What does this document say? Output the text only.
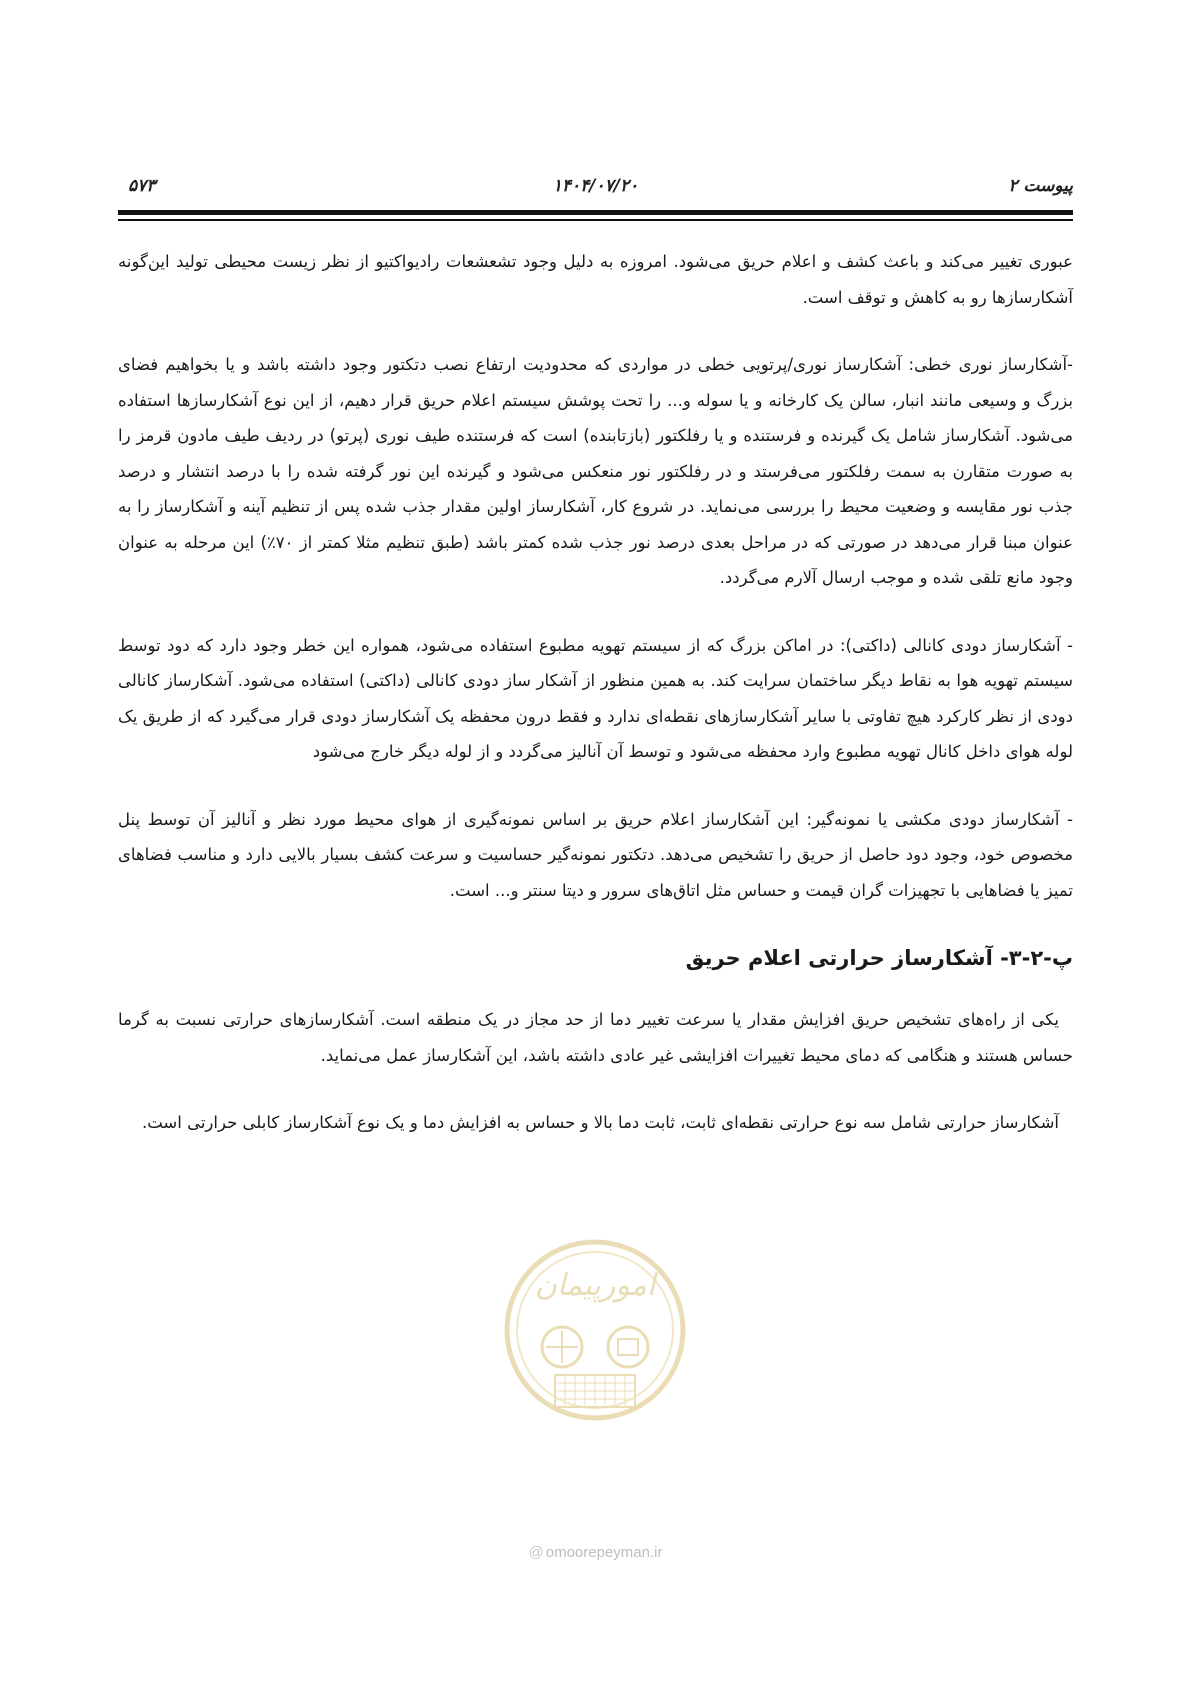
پیوست ۲
۱۴۰۴/۰۷/۲۰
۵۷۳

عبوری تغییر می‌کند و باعث کشف و اعلام حریق می‌شود. امروزه به دلیل وجود تشعشعات رادیواکتیو از نظر زیست محیطی تولید این‌گونه آشکارسازها رو به کاهش و توقف است.

-آشکارساز نوری خطی: آشکارساز نوری/پرتویی خطی در مواردی که محدودیت ارتفاع نصب دتکتور وجود داشته باشد و یا بخواهیم فضای بزرگ و وسیعی مانند انبار، سالن یک کارخانه و یا سوله و... را تحت پوشش سیستم اعلام حریق قرار دهیم، از این نوع آشکارسازها استفاده می‌شود. آشکارساز شامل یک گیرنده و فرستنده و یا رفلکتور (بازتابنده) است که فرستنده طیف نوری (پرتو) در ردیف طیف مادون قرمز را به صورت متقارن به سمت رفلکتور می‌فرستد و در رفلکتور نور منعکس می‌شود و گیرنده این نور گرفته شده را با درصد انتشار و درصد جذب نور مقایسه و وضعیت محیط را بررسی می‌نماید. در شروع کار، آشکارساز اولین مقدار جذب شده پس از تنظیم آینه و آشکارساز را به عنوان مبنا قرار می‌دهد در صورتی که در مراحل بعدی درصد نور جذب شده کمتر باشد (طبق تنظیم مثلا کمتر از ۷۰٪) این مرحله به عنوان وجود مانع تلقی شده و موجب ارسال آلارم می‌گردد.

- آشکارساز دودی کانالی (داکتی): در اماکن بزرگ که از سیستم تهویه مطبوع استفاده می‌شود، همواره این خطر وجود دارد که دود توسط سیستم تهویه هوا به نقاط دیگر ساختمان سرایت کند. به همین منظور از آشکار ساز دودی کانالی (داکتی) استفاده می‌شود. آشکارساز کانالی دودی از نظر کارکرد هیچ تفاوتی با سایر آشکارسازهای نقطه‌ای ندارد و فقط درون محفظه یک آشکارساز دودی قرار می‌گیرد که از طریق یک لوله هوای داخل کانال تهویه مطبوع وارد محفظه می‌شود و توسط آن آنالیز می‌گردد و از لوله دیگر خارج می‌شود

- آشکارساز دودی مکشی یا نمونه‌گیر: این آشکارساز اعلام حریق بر اساس نمونه‌گیری از هوای محیط مورد نظر و آنالیز آن توسط پنل مخصوص خود، وجود دود حاصل از حریق را تشخیص می‌دهد. دتکتور نمونه‌گیر حساسیت و سرعت کشف بسیار بالایی دارد و مناسب فضاهای تمیز یا فضاهایی با تجهیزات گران قیمت و حساس مثل اتاق‌های سرور و دیتا سنتر و... است.

پ-۲-۳- آشکارساز حرارتی اعلام حریق

یکی از راه‌های تشخیص حریق افزایش مقدار یا سرعت تغییر دما از حد مجاز در یک منطقه است. آشکارسازهای حرارتی نسبت به گرما حساس هستند و هنگامی که دمای محیط تغییرات افزایشی غیر عادی داشته باشد، این آشکارساز عمل می‌نماید.

آشکارساز حرارتی شامل سه نوع حرارتی نقطه‌ای ثابت، ثابت دما بالا و حساس به افزایش دما و یک نوع آشکارساز کابلی حرارتی است.

امورپیمان
@ omoorepeyman.ir
